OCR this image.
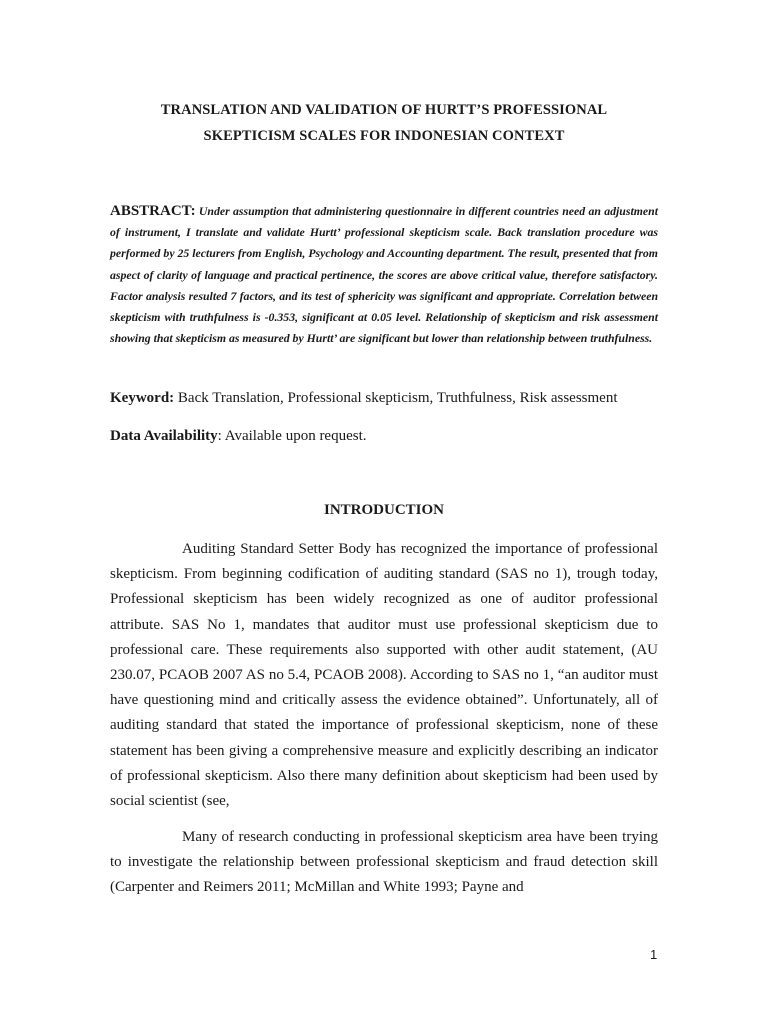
TRANSLATION AND VALIDATION OF HURTT’S PROFESSIONAL
SKEPTICISM SCALES FOR INDONESIAN CONTEXT
ABSTRACT: Under assumption that administering questionnaire in different countries need an adjustment of instrument, I translate and validate Hurtt’ professional skepticism scale. Back translation procedure was performed by 25 lecturers from English, Psychology and Accounting department. The result, presented that from aspect of clarity of language and practical pertinence, the scores are above critical value, therefore satisfactory. Factor analysis resulted 7 factors, and its test of sphericity was significant and appropriate. Correlation between skepticism with truthfulness is -0.353, significant at 0.05 level. Relationship of skepticism and risk assessment showing that skepticism as measured by Hurtt’ are significant but lower than relationship between truthfulness.
Keyword: Back Translation, Professional skepticism, Truthfulness, Risk assessment
Data Availability: Available upon request.
INTRODUCTION
Auditing Standard Setter Body has recognized the importance of professional skepticism. From beginning codification of auditing standard (SAS no 1), trough today, Professional skepticism has been widely recognized as one of auditor professional attribute. SAS No 1, mandates that auditor must use professional skepticism due to professional care. These requirements also supported with other audit statement, (AU 230.07, PCAOB 2007 AS no 5.4, PCAOB 2008). According to SAS no 1, “an auditor must have questioning mind and critically assess the evidence obtained”. Unfortunately, all of auditing standard that stated the importance of professional skepticism, none of these statement has been giving a comprehensive measure and explicitly describing an indicator of professional skepticism. Also there many definition about skepticism had been used by social scientist (see,
Many of research conducting in professional skepticism area have been trying to investigate the relationship between professional skepticism and fraud detection skill (Carpenter and Reimers 2011; McMillan and White 1993; Payne and
1
